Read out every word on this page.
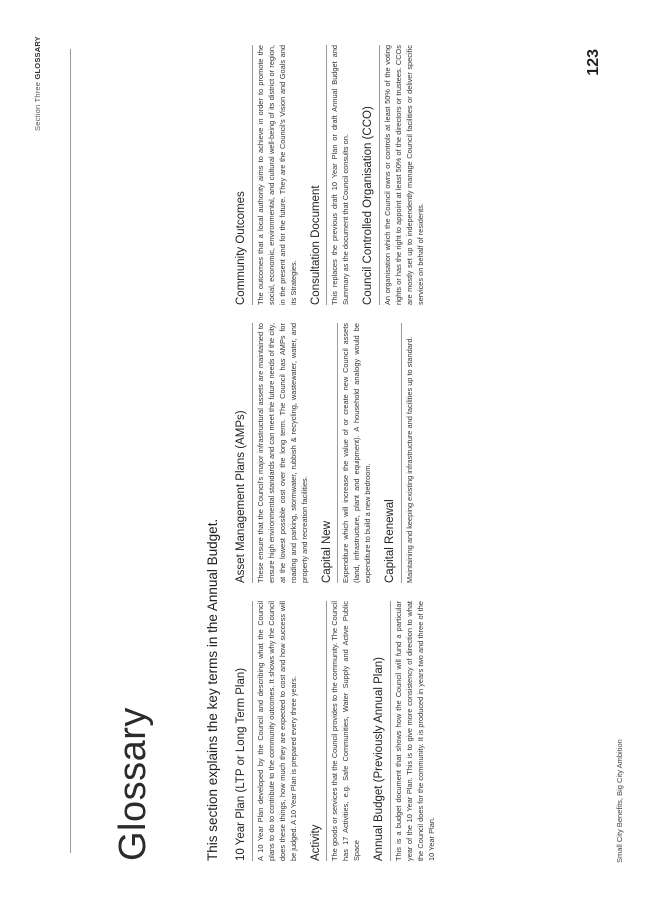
Section Three GLOSSARY
Glossary	This section explains the key terms in the Annual Budget. 10 Year Plan (LTP or Long Term Plan)	A 10 Year Plan developed by the Council and describing what the Council plans to do to contribute to the community outcomes. It shows why the Council does these things, how much they are expected to cost and how success will be judged. A 10 Year Plan is prepared every three years. Activity	The goods or services that the Council provides to the community. The Council has 17 Activities, e.g. Safe Communities, Water Supply and Active Public Space Annual Budget (Previously Annual Plan)	This is a budget document that shows how the Council will fund a particular year of the 10 Year Plan. This is to give more consistency of direction to what the Council does for the community. It is produced in years two and three of the 10 Year Plan.

Asset Management Plans (AMPs)	These ensure that the Council's major infrastructural assets are maintained to ensure high environmental standards and can meet the future needs of the city, at the lowest possible cost over the long term. The Council has AMPs for roading and parking, stormwater, rubbish & recycling, wastewater, water, and property and recreation facilities. Capital New	Expenditure which will increase the value of or create new Council assets (land, infrastructure, plant and equipment). A household analogy would be expenditure to build a new bedroom. Capital Renewal	Maintaining and keeping existing infrastructure and facilities up to standard.

Community Outcomes	The outcomes that a local authority aims to achieve in order to promote the social, economic, environmental, and cultural well-being of its district or region, in the present and for the future. They are the Council's Vision and Goals and its Strategies. Consultation Document	This replaces the previous draft 10 Year Plan or draft Annual Budget and Summary as the document that Council consults on. Council Controlled Organisation (CCO)	An organisation which the Council owns or controls at least 50% of the voting rights or has the right to appoint at least 50% of the directors or trustees. CCOs are mostly set up to independently manage Council facilities or deliver specific services on behalf of residents.

123
Small City Benefits, Big City Ambition
